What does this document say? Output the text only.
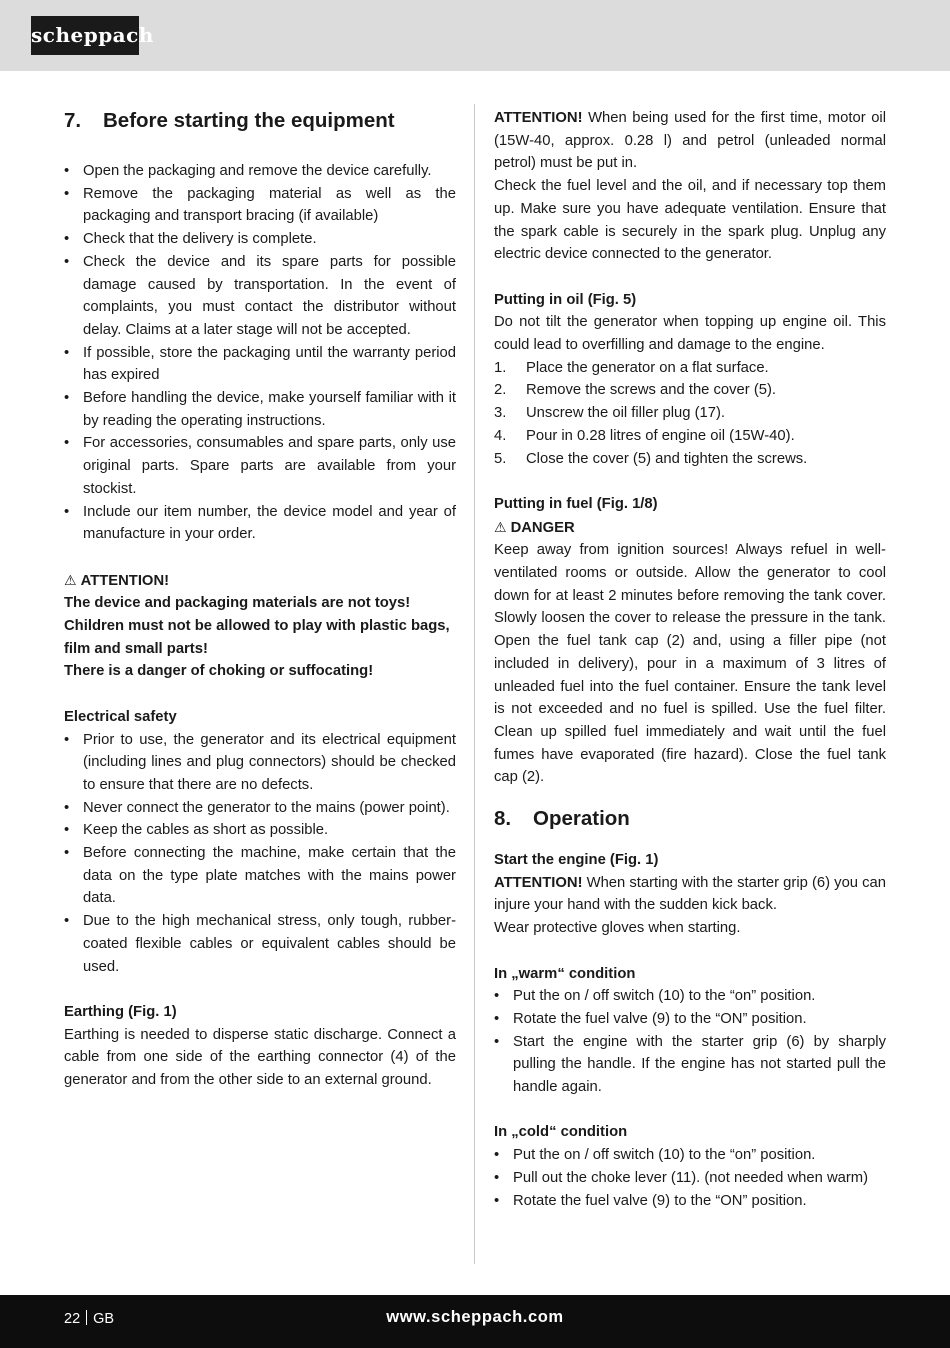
scheppach
7. Before starting the equipment
• Open the packaging and remove the device carefully.
• Remove the packaging material as well as the packaging and transport bracing (if available)
• Check that the delivery is complete.
• Check the device and its spare parts for possible damage caused by transportation. In the event of complaints, you must contact the distributor without delay. Claims at a later stage will not be accepted.
• If possible, store the packaging until the warranty period has expired
• Before handling the device, make yourself familiar with it by reading the operating instructions.
• For accessories, consumables and spare parts, only use original parts. Spare parts are available from your stockist.
• Include our item number, the device model and year of manufacture in your order.

⚠ ATTENTION!

The device and packaging materials are not toys! Children must not be allowed to play with plastic bags, film and small parts!

There is a danger of choking or suffocating!

Electrical safety
• Prior to use, the generator and its electrical equipment (including lines and plug connectors) should be checked to ensure that there are no defects.
• Never connect the generator to the mains (power point).
• Keep the cables as short as possible.
• Before connecting the machine, make certain that the data on the type plate matches with the mains power data.
• Due to the high mechanical stress, only tough, rubber-coated flexible cables or equivalent cables should be used.
Earthing (Fig. 1)

Earthing is needed to disperse static discharge. Connect a cable from one side of the earthing connector (4) of the generator and from the other side to an external ground.

ATTENTION! When being used for the first time, motor oil (15W-40, approx. 0.28 l) and petrol (unleaded normal petrol) must be put in.

Check the fuel level and the oil, and if necessary top them up. Make sure you have adequate ventilation. Ensure that the spark cable is securely in the spark plug. Unplug any electric device connected to the generator.

Putting in oil (Fig. 5)

Do not tilt the generator when topping up engine oil. This could lead to overfilling and damage to the engine.

1. Place the generator on a flat surface.
2. Remove the screws and the cover (5).
3. Unscrew the oil filler plug (17).
4. Pour in 0.28 litres of engine oil (15W-40).
5. Close the cover (5) and tighten the screws.
Putting in fuel (Fig. 1/8)

⚠ DANGER

Keep away from ignition sources! Always refuel in well-ventilated rooms or outside. Allow the generator to cool down for at least 2 minutes before removing the tank cover. Slowly loosen the cover to release the pressure in the tank. Open the fuel tank cap (2) and, using a filler pipe (not included in delivery), pour in a maximum of 3 litres of unleaded fuel into the fuel container. Ensure the tank level is not exceeded and no fuel is spilled. Use the fuel filter. Clean up spilled fuel immediately and wait until the fuel fumes have evaporated (fire hazard). Close the fuel tank cap (2).

8. Operation
Start the engine (Fig. 1)

ATTENTION! When starting with the starter grip (6) you can injure your hand with the sudden kick back.

Wear protective gloves when starting.

In „warm“ condition
• Put the on / off switch (10) to the “on” position.
• Rotate the fuel valve (9) to the “ON” position.
• Start the engine with the starter grip (6) by sharply pulling the handle. If the engine has not started pull the handle again.
In „cold“ condition
• Put the on / off switch (10) to the “on” position.
• Pull out the choke lever (11). (not needed when warm)
• Rotate the fuel valve (9) to the “ON” position.
22 GB	www.scheppach.com
